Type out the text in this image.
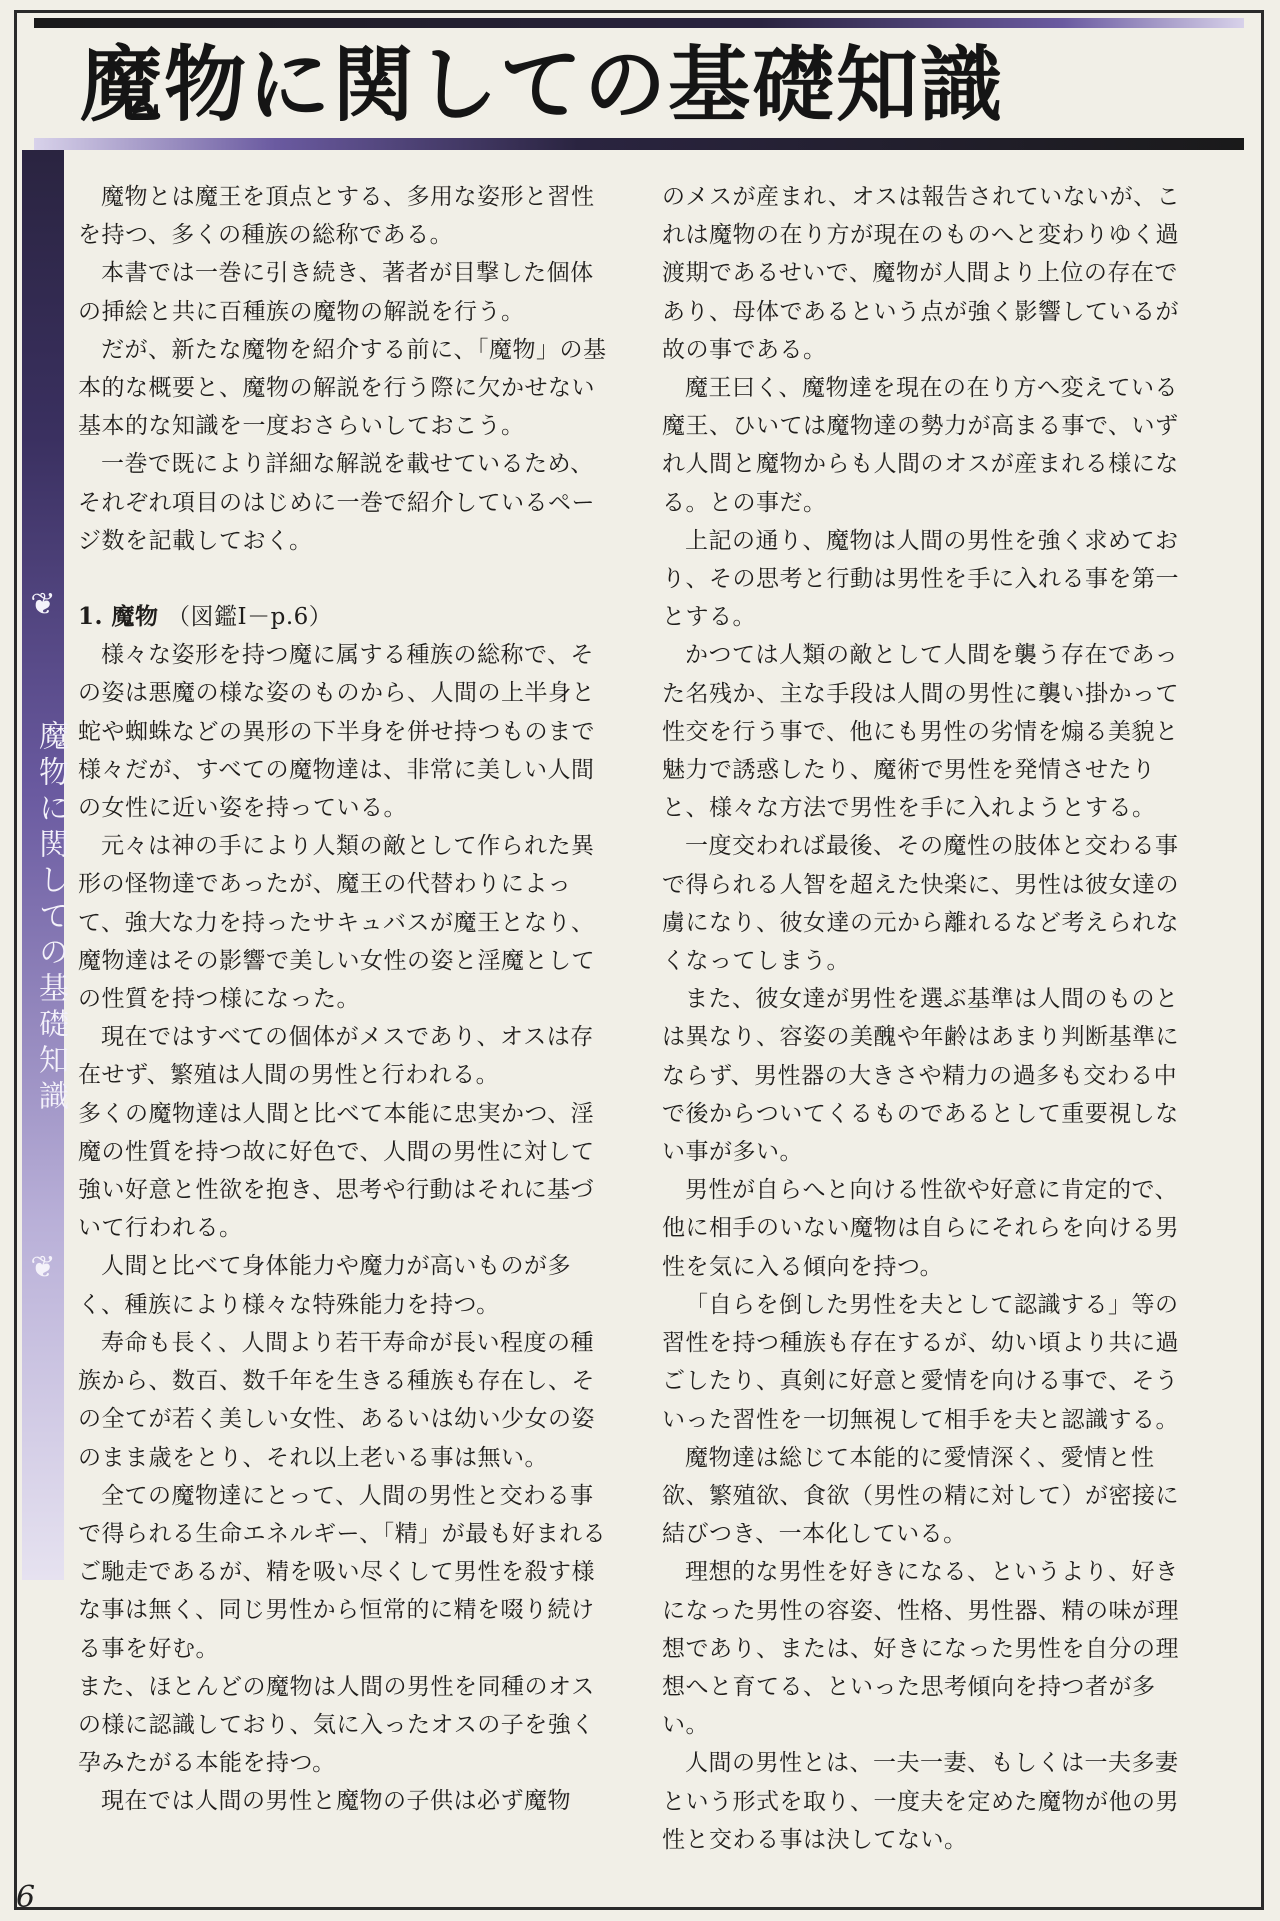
魔物に関しての基礎知識
❦
魔物に関しての基礎知識
❦

魔物とは魔王を頂点とする、多用な姿形と習性を持つ、多くの種族の総称である。

本書では一巻に引き続き、著者が目撃した個体の挿絵と共に百種族の魔物の解説を行う。

だが、新たな魔物を紹介する前に、「魔物」の基本的な概要と、魔物の解説を行う際に欠かせない基本的な知識を一度おさらいしておこう。

一巻で既により詳細な解説を載せているため、それぞれ項目のはじめに一巻で紹介しているページ数を記載しておく。

1. 魔物 （図鑑Ⅰ－p.6）

様々な姿形を持つ魔に属する種族の総称で、その姿は悪魔の様な姿のものから、人間の上半身と蛇や蜘蛛などの異形の下半身を併せ持つものまで様々だが、すべての魔物達は、非常に美しい人間の女性に近い姿を持っている。

元々は神の手により人類の敵として作られた異形の怪物達であったが、魔王の代替わりによって、強大な力を持ったサキュバスが魔王となり、魔物達はその影響で美しい女性の姿と淫魔としての性質を持つ様になった。

現在ではすべての個体がメスであり、オスは存在せず、繁殖は人間の男性と行われる。

多くの魔物達は人間と比べて本能に忠実かつ、淫魔の性質を持つ故に好色で、人間の男性に対して強い好意と性欲を抱き、思考や行動はそれに基づいて行われる。

人間と比べて身体能力や魔力が高いものが多く、種族により様々な特殊能力を持つ。

寿命も長く、人間より若干寿命が長い程度の種族から、数百、数千年を生きる種族も存在し、その全てが若く美しい女性、あるいは幼い少女の姿のまま歳をとり、それ以上老いる事は無い。

全ての魔物達にとって、人間の男性と交わる事で得られる生命エネルギー、「精」が最も好まれるご馳走であるが、精を吸い尽くして男性を殺す様な事は無く、同じ男性から恒常的に精を啜り続ける事を好む。

また、ほとんどの魔物は人間の男性を同種のオスの様に認識しており、気に入ったオスの子を強く孕みたがる本能を持つ。

現在では人間の男性と魔物の子供は必ず魔物

のメスが産まれ、オスは報告されていないが、これは魔物の在り方が現在のものへと変わりゆく過渡期であるせいで、魔物が人間より上位の存在であり、母体であるという点が強く影響しているが故の事である。

魔王曰く、魔物達を現在の在り方へ変えている魔王、ひいては魔物達の勢力が高まる事で、いずれ人間と魔物からも人間のオスが産まれる様になる。との事だ。

上記の通り、魔物は人間の男性を強く求めており、その思考と行動は男性を手に入れる事を第一とする。

かつては人類の敵として人間を襲う存在であった名残か、主な手段は人間の男性に襲い掛かって性交を行う事で、他にも男性の劣情を煽る美貌と魅力で誘惑したり、魔術で男性を発情させたりと、様々な方法で男性を手に入れようとする。

一度交われば最後、その魔性の肢体と交わる事で得られる人智を超えた快楽に、男性は彼女達の虜になり、彼女達の元から離れるなど考えられなくなってしまう。

また、彼女達が男性を選ぶ基準は人間のものとは異なり、容姿の美醜や年齢はあまり判断基準にならず、男性器の大きさや精力の過多も交わる中で後からついてくるものであるとして重要視しない事が多い。

男性が自らへと向ける性欲や好意に肯定的で、他に相手のいない魔物は自らにそれらを向ける男性を気に入る傾向を持つ。

「自らを倒した男性を夫として認識する」等の習性を持つ種族も存在するが、幼い頃より共に過ごしたり、真剣に好意と愛情を向ける事で、そういった習性を一切無視して相手を夫と認識する。

魔物達は総じて本能的に愛情深く、愛情と性欲、繁殖欲、食欲（男性の精に対して）が密接に結びつき、一本化している。

理想的な男性を好きになる、というより、好きになった男性の容姿、性格、男性器、精の味が理想であり、または、好きになった男性を自分の理想へと育てる、といった思考傾向を持つ者が多い。

人間の男性とは、一夫一妻、もしくは一夫多妻という形式を取り、一度夫を定めた魔物が他の男性と交わる事は決してない。

6
